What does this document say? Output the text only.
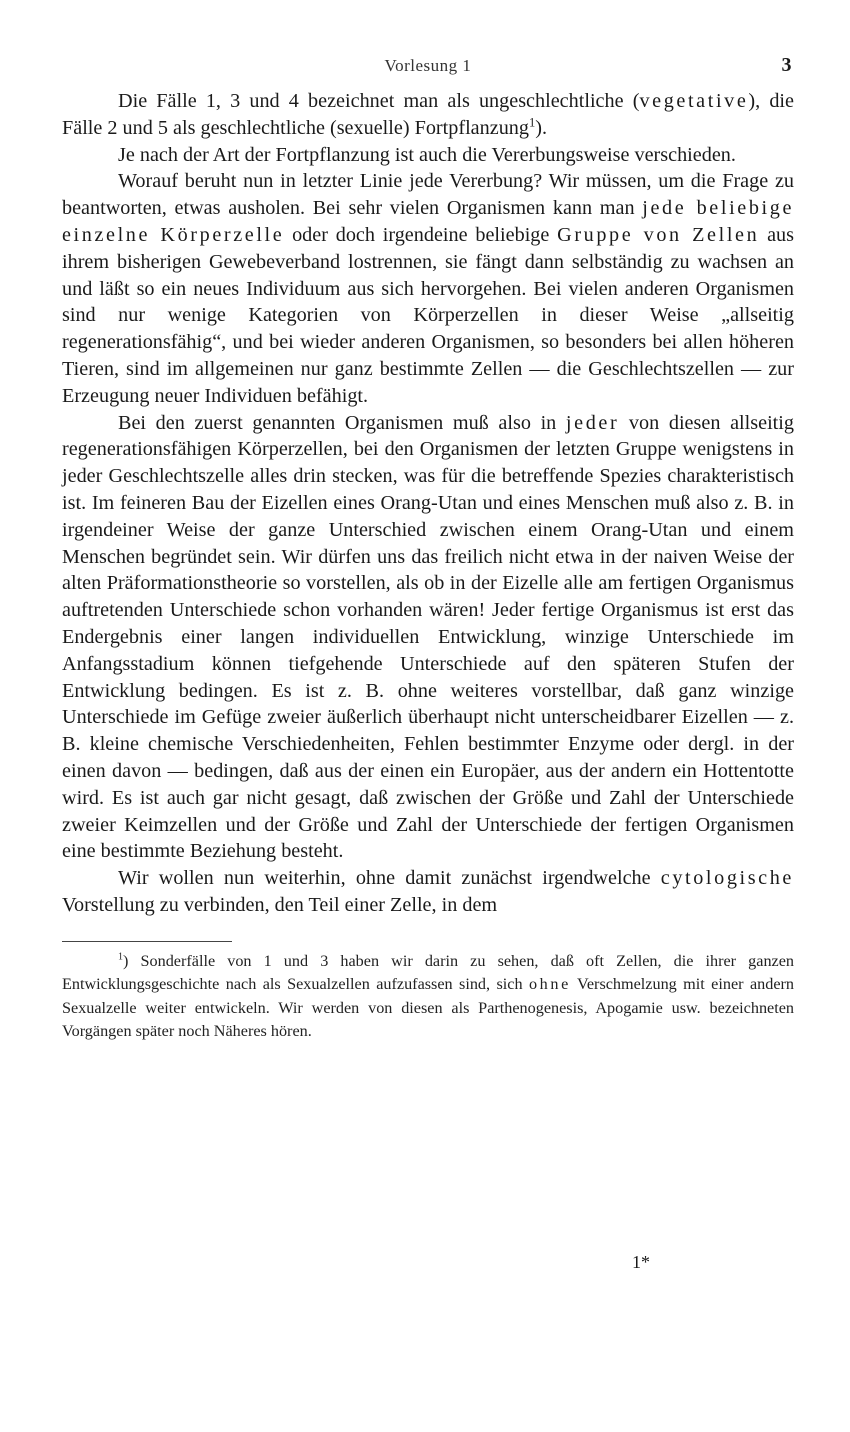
Vorlesung 1	3

Die Fälle 1, 3 und 4 bezeichnet man als ungeschlechtliche (vegetative), die Fälle 2 und 5 als geschlechtliche (sexuelle) Fortpflanzung$^1$).

Je nach der Art der Fortpflanzung ist auch die Vererbungsweise verschieden.

Worauf beruht nun in letzter Linie jede Vererbung? Wir müssen, um die Frage zu beantworten, etwas ausholen. Bei sehr vielen Organismen kann man jede beliebige einzelne Körperzelle oder doch irgendeine beliebige Gruppe von Zellen aus ihrem bisherigen Gewebeverband lostrennen, sie fängt dann selbständig zu wachsen an und läßt so ein neues Individuum aus sich hervorgehen. Bei vielen anderen Organismen sind nur wenige Kategorien von Körperzellen in dieser Weise „allseitig regenerationsfähig“, und bei wieder anderen Organismen, so besonders bei allen höheren Tieren, sind im allgemeinen nur ganz bestimmte Zellen — die Geschlechtszellen — zur Erzeugung neuer Individuen befähigt.

Bei den zuerst genannten Organismen muß also in jeder von diesen allseitig regenerationsfähigen Körperzellen, bei den Organismen der letzten Gruppe wenigstens in jeder Geschlechtszelle alles drin stecken, was für die betreffende Spezies charakteristisch ist. Im feineren Bau der Eizellen eines Orang-Utan und eines Menschen muß also z. B. in irgendeiner Weise der ganze Unterschied zwischen einem Orang-Utan und einem Menschen begründet sein. Wir dürfen uns das freilich nicht etwa in der naiven Weise der alten Präformationstheorie so vorstellen, als ob in der Eizelle alle am fertigen Organismus auftretenden Unterschiede schon vorhanden wären! Jeder fertige Organismus ist erst das Endergebnis einer langen individuellen Entwicklung, winzige Unterschiede im Anfangsstadium können tiefgehende Unterschiede auf den späteren Stufen der Entwicklung bedingen. Es ist z. B. ohne weiteres vorstellbar, daß ganz winzige Unterschiede im Gefüge zweier äußerlich überhaupt nicht unterscheidbarer Eizellen — z. B. kleine chemische Verschiedenheiten, Fehlen bestimmter Enzyme oder dergl. in der einen davon — bedingen, daß aus der einen ein Europäer, aus der andern ein Hottentotte wird. Es ist auch gar nicht gesagt, daß zwischen der Größe und Zahl der Unterschiede zweier Keimzellen und der Größe und Zahl der Unterschiede der fertigen Organismen eine bestimmte Beziehung besteht.

Wir wollen nun weiterhin, ohne damit zunächst irgendwelche cytologische Vorstellung zu verbinden, den Teil einer Zelle, in dem

$^1$) Sonderfälle von 1 und 3 haben wir darin zu sehen, daß oft Zellen, die ihrer ganzen Entwicklungsgeschichte nach als Sexualzellen aufzufassen sind, sich ohne Verschmelzung mit einer andern Sexualzelle weiter entwickeln. Wir werden von diesen als Parthenogenesis, Apogamie usw. bezeichneten Vorgängen später noch Näheres hören.

1*
